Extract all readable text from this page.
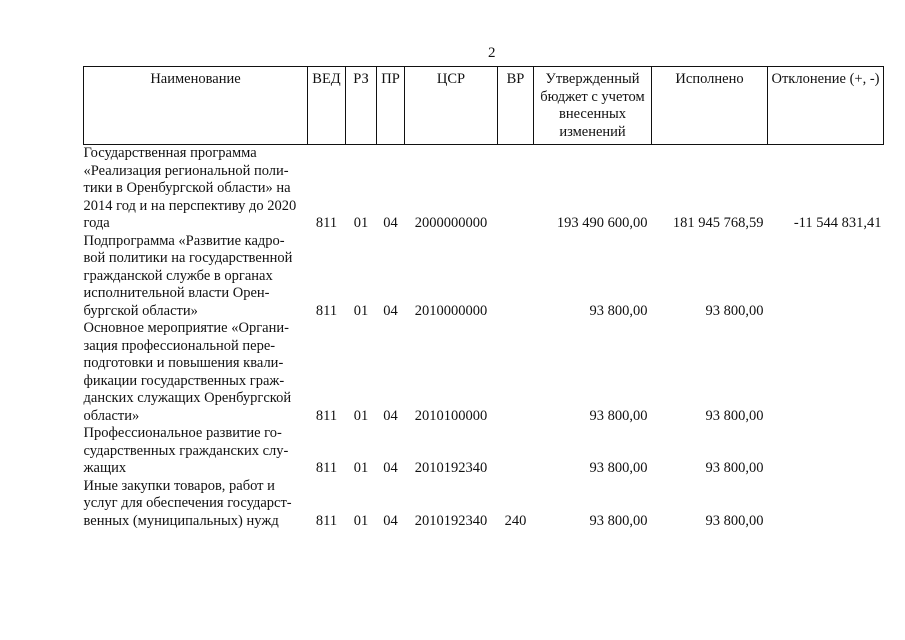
2
Наименование	ВЕД	РЗ	ПР	ЦСР	ВР	Утвержденный бюджет с учетом внесенных изменений	Исполнено	Отклонение (+, -)
Государственная программа «Реализация региональной поли-тики в Оренбургской области» на 2014 год и на перспективу до 2020 года	811	01	04	2000000000		193 490 600,00	181 945 768,59	-11 544 831,41
Подпрограмма «Развитие кадро-вой политики на государственной гражданской службе в органах исполнительной власти Орен-бургской области»	811	01	04	2010000000		93 800,00	93 800,00	
Основное мероприятие «Органи-зация профессиональной пере-подготовки и повышения квали-фикации государственных граж-данских служащих Оренбургской области»	811	01	04	2010100000		93 800,00	93 800,00	
Профессиональное развитие го-сударственных гражданских слу-жащих	811	01	04	2010192340		93 800,00	93 800,00	
Иные закупки товаров, работ и услуг для обеспечения государст-венных (муниципальных) нужд	811	01	04	2010192340	240	93 800,00	93 800,00	
